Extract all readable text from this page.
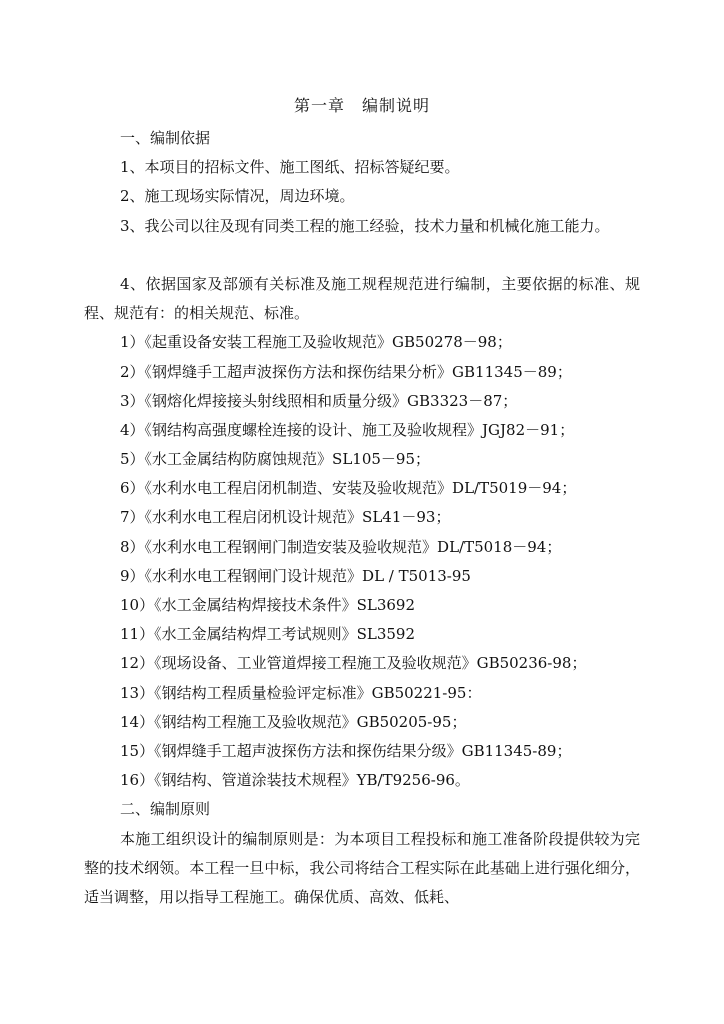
第一章　编制说明
一、编制依据
1、本项目的招标文件、施工图纸、招标答疑纪要。
2、施工现场实际情况，周边环境。
3、我公司以往及现有同类工程的施工经验，技术力量和机械化施工能力。
4、依据国家及部颁有关标准及施工规程规范进行编制，主要依据的标准、规程、规范有：的相关规范、标准。
1）《起重设备安装工程施工及验收规范》GB50278－98；
2）《钢焊缝手工超声波探伤方法和探伤结果分析》GB11345－89；
3）《钢熔化焊接接头射线照相和质量分级》GB3323－87；
4）《钢结构高强度螺栓连接的设计、施工及验收规程》JGJ82－91；
5）《水工金属结构防腐蚀规范》SL105－95；
6）《水利水电工程启闭机制造、安装及验收规范》DL/T5019－94；
7）《水利水电工程启闭机设计规范》SL41－93；
8）《水利水电工程钢闸门制造安装及验收规范》DL/T5018－94；
9）《水利水电工程钢闸门设计规范》DL / T5013-95
10）《水工金属结构焊接技术条件》SL3692
11）《水工金属结构焊工考试规则》SL3592
12）《现场设备、工业管道焊接工程施工及验收规范》GB50236-98；
13）《钢结构工程质量检验评定标准》GB50221-95：
14）《钢结构工程施工及验收规范》GB50205-95；
15）《钢焊缝手工超声波探伤方法和探伤结果分级》GB11345-89；
16）《钢结构、管道涂装技术规程》YB/T9256-96。
二、编制原则
本施工组织设计的编制原则是：为本项目工程投标和施工准备阶段提供较为完整的技术纲领。本工程一旦中标，我公司将结合工程实际在此基础上进行强化细分，适当调整，用以指导工程施工。确保优质、高效、低耗、
